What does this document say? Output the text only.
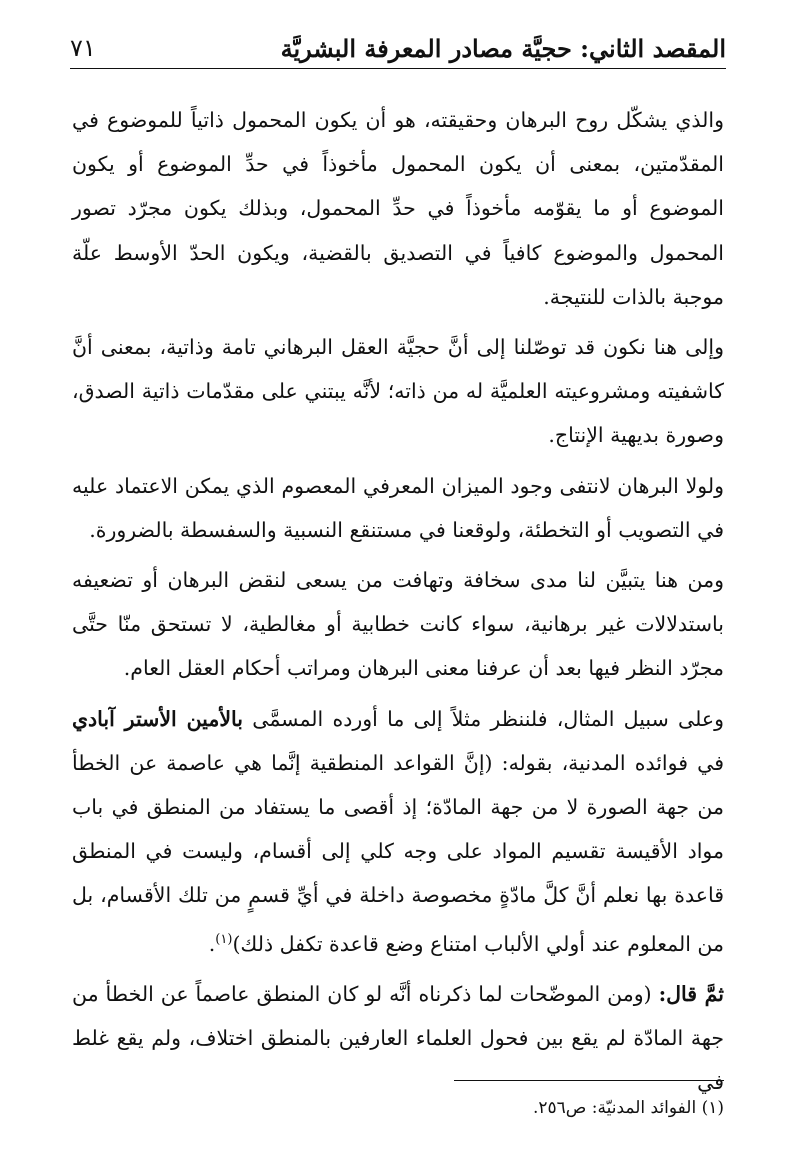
المقصد الثاني: حجيَّة مصادر المعرفة البشريَّة
٧١

والذي يشكّل روح البرهان وحقيقته، هو أن يكون المحمول ذاتياً للموضوع في المقدّمتين، بمعنى أن يكون المحمول مأخوذاً في حدِّ الموضوع أو يكون الموضوع أو ما يقوّمه مأخوذاً في حدِّ المحمول، وبذلك يكون مجرّد تصور المحمول والموضوع كافياً في التصديق بالقضية، ويكون الحدّ الأوسط علّة موجبة بالذات للنتيجة.

وإلى هنا نكون قد توصّلنا إلى أنَّ حجيَّة العقل البرهاني تامة وذاتية، بمعنى أنَّ كاشفيته ومشروعيته العلميَّة له من ذاته؛ لأنَّه يبتني على مقدّمات ذاتية الصدق، وصورة بديهية الإنتاج.

ولولا البرهان لانتفى وجود الميزان المعرفي المعصوم الذي يمكن الاعتماد عليه في التصويب أو التخطئة، ولوقعنا في مستنقع النسبية والسفسطة بالضرورة.

ومن هنا يتبيَّن لنا مدى سخافة وتهافت من يسعى لنقض البرهان أو تضعيفه باستدلالات غير برهانية، سواء كانت خطابية أو مغالطية، لا تستحق منّا حتَّى مجرّد النظر فيها بعد أن عرفنا معنى البرهان ومراتب أحكام العقل العام.

وعلى سبيل المثال، فلننظر مثلاً إلى ما أورده المسمَّى بالأمين الأستر آبادي في فوائده المدنية، بقوله: (إنَّ القواعد المنطقية إنَّما هي عاصمة عن الخطأ من جهة الصورة لا من جهة المادّة؛ إذ أقصى ما يستفاد من المنطق في باب مواد الأقيسة تقسيم المواد على وجه كلي إلى أقسام، وليست في المنطق قاعدة بها نعلم أنَّ كلَّ مادّةٍ مخصوصة داخلة في أيِّ قسمٍ من تلك الأقسام، بل من المعلوم عند أولي الألباب امتناع وضع قاعدة تكفل ذلك)$^{(١)}$.

ثمَّ قال: (ومن الموضّحات لما ذكرناه أنَّه لو كان المنطق عاصماً عن الخطأ من جهة المادّة لم يقع بين فحول العلماء العارفين بالمنطق اختلاف، ولم يقع غلط في

(١) الفوائد المدنيّة: ص٢٥٦.
